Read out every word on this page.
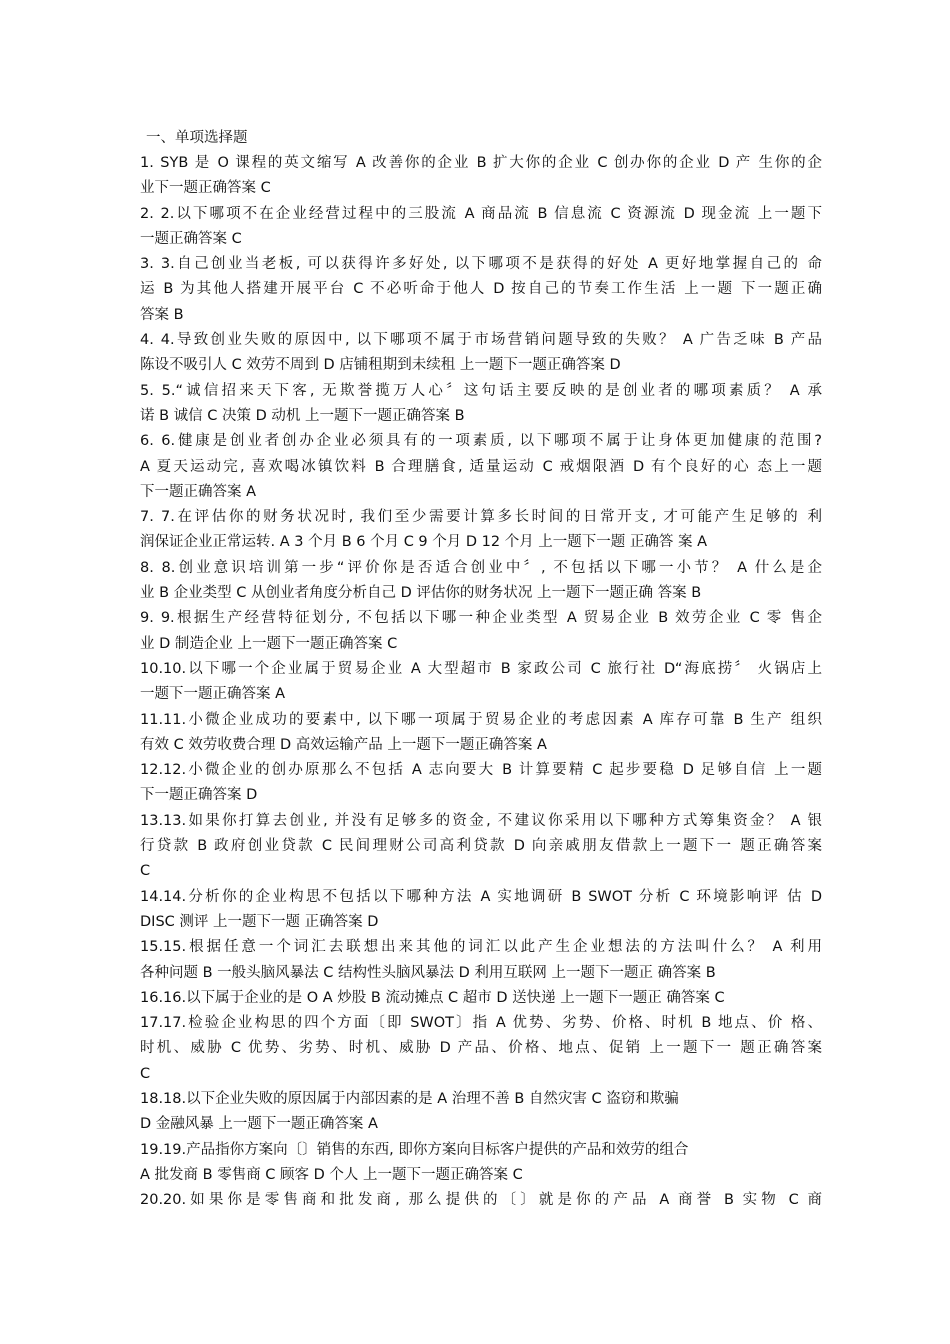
一、单项选择题
1. SYB 是 O 课程的英文缩写 A 改善你的企业 B 扩大你的企业 C 创办你的企业 D 产 生你的企
业下一题正确答案 C
2. 2.以下哪项不在企业经营过程中的三股流 A 商品流 B 信息流 C 资源流 D 现金流 上一题下
一题正确答案 C
3. 3.自己创业当老板, 可以获得许多好处, 以下哪项不是获得的好处 A 更好地掌握自己的 命
运 B 为其他人搭建开展平台 C 不必听命于他人 D 按自己的节奏工作生活 上一题 下一题正确
答案 B
4. 4.导致创业失败的原因中, 以下哪项不属于市场营销问题导致的失败？ A 广告乏味 B 产品
陈设不吸引人 C 效劳不周到 D 店铺租期到未续租 上一题下一题正确答案 D
5. 5.“诚信招来天下客, 无欺誉揽万人心〞这句话主要反映的是创业者的哪项素质？ A 承
诺 B 诚信 C 决策 D 动机 上一题下一题正确答案 B
6. 6.健康是创业者创办企业必须具有的一项素质, 以下哪项不属于让身体更加健康的范围?
A 夏天运动完, 喜欢喝冰镇饮料 B 合理膳食, 适量运动 C 戒烟限酒 D 有个良好的心 态上一题
下一题正确答案 A
7. 7.在评估你的财务状况时, 我们至少需要计算多长时间的日常开支, 才可能产生足够的 利
润保证企业正常运转. A 3 个月 B 6 个月 C 9 个月 D 12 个月 上一题下一题 正确答 案 A
8. 8.创业意识培训第一步“评价你是否适合创业中〞, 不包括以下哪一小节？ A 什么是企
业 B 企业类型 C 从创业者角度分析自己 D 评估你的财务状况 上一题下一题正确 答案 B
9. 9.根据生产经营特征划分, 不包括以下哪一种企业类型 A 贸易企业 B 效劳企业 C 零 售企
业 D 制造企业 上一题下一题正确答案 C
10.10.以下哪一个企业属于贸易企业 A 大型超市 B 家政公司 C 旅行社 D“海底捞〞 火锅店上
一题下一题正确答案 A
11.11.小微企业成功的要素中, 以下哪一项属于贸易企业的考虑因素 A 库存可靠 B 生产 组织
有效 C 效劳收费合理 D 高效运输产品 上一题下一题正确答案 A
12.12.小微企业的创办原那么不包括 A 志向要大 B 计算要精 C 起步要稳 D 足够自信 上一题
下一题正确答案 D
13.13.如果你打算去创业, 并没有足够多的资金, 不建议你采用以下哪种方式筹集资金？ A 银
行贷款 B 政府创业贷款 C 民间理财公司高利贷款 D 向亲戚朋友借款上一题下一 题正确答案
C
14.14.分析你的企业构思不包括以下哪种方法 A 实地调研 B SWOT 分析 C 环境影响评 估 D
DISC 测评 上一题下一题 正确答案 D
15.15.根据任意一个词汇去联想出来其他的词汇以此产生企业想法的方法叫什么？ A 利用
各种问题 B 一般头脑风暴法 C 结构性头脑风暴法 D 利用互联网 上一题下一题正 确答案 B
16.16.以下属于企业的是 O A 炒股 B 流动摊点 C 超市 D 送快递 上一题下一题正 确答案 C
17.17.检验企业构思的四个方面〔即 SWOT〕指 A 优势、劣势、价格、时机 B 地点、价 格、
时机、威胁 C 优势、劣势、时机、威胁 D 产品、价格、地点、促销 上一题下一 题正确答案
C
18.18.以下企业失败的原因属于内部因素的是 A 治理不善 B 自然灾害 C 盗窃和欺骗
D 金融风暴 上一题下一题正确答案 A
19.19.产品指你方案向〔〕销售的东西, 即你方案向目标客户提供的产品和效劳的组合
A 批发商 B 零售商 C 顾客 D 个人 上一题下一题正确答案 C
20.20.如果你是零售商和批发商, 那么提供的〔〕就是你的产品 A 商誉 B 实物 C 商
